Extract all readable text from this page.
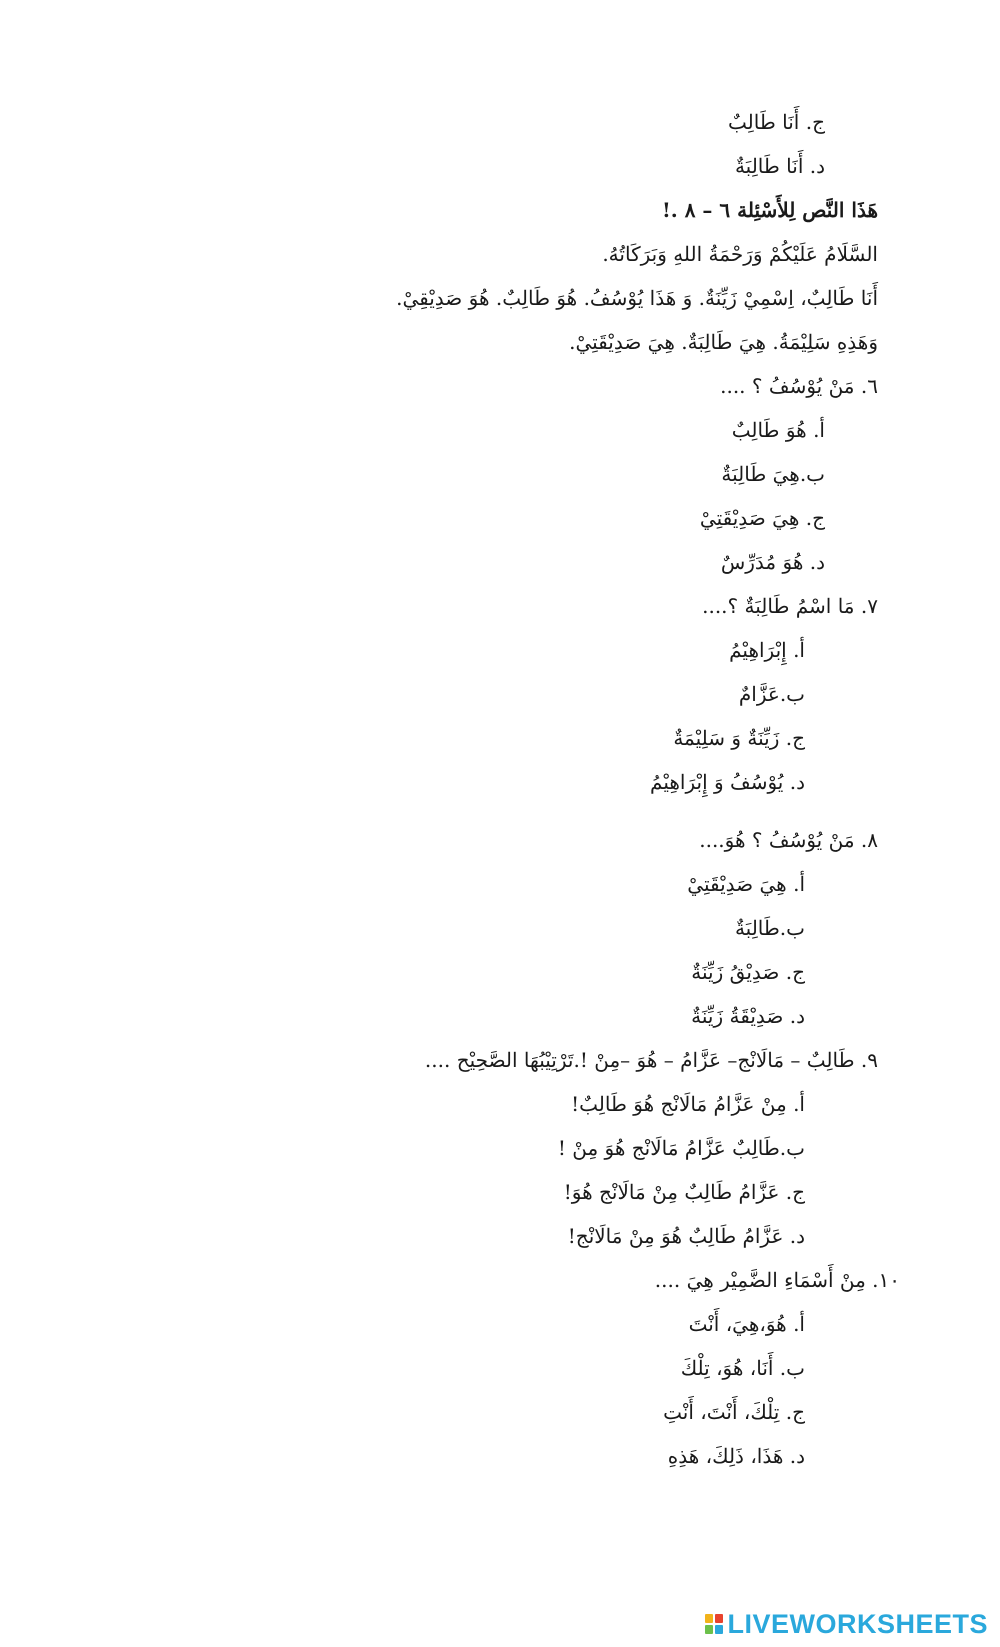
ج. أَنَا طَالِبٌ
د. أَنَا طَالِبَةٌ
هَذَا النَّص لِلأَسْئِلة ٦ – ٨ .!
السَّلَامُ عَلَيْكُمْ وَرَحْمَةُ اللهِ وَبَرَكَاتُهُ.
أَنَا طَالِبٌ، اِسْمِيْ زَيِّنَةٌ. وَ هَذَا يُوْسُفُ. هُوَ طَالِبٌ. هُوَ صَدِيْقِيْ.
وَهَذِهِ سَلِيْمَةُ. هِيَ طَالِبَةٌ. هِيَ صَدِيْقَتِيْ.
٦. مَنْ يُوْسُفُ ؟ ....
أ. هُوَ طَالِبٌ
ب.هِيَ طَالِبَةٌ
ج. هِيَ صَدِيْقَتِيْ
د. هُوَ مُدَرِّسٌ
٧. مَا اسْمُ طَالِبَةٌ ؟....
أ. إِبْرَاهِيْمُ
ب.عَزَّامٌ
ج. زَيِّنَةٌ وَ سَلِيْمَةٌ
د. يُوْسُفُ وَ إِبْرَاهِيْمُ
٨. مَنْ يُوْسُفُ ؟ هُوَ....
أ. هِيَ صَدِيْقَتِيْ
ب.طَالِبَةٌ
ج. صَدِيْقُ زَيِّنَةٌ
د. صَدِيْقَةُ زَيِّنَةٌ
٩. طَالِبٌ – مَالَانْج– عَزَّامُ – هُوَ –مِنْ !.تَرْتِيْبُهَا الصَّحِيْح ....
أ. مِنْ عَزَّامُ مَالَانْج هُوَ طَالِبٌ!
ب.طَالِبٌ عَزَّامُ مَالَانْج هُوَ مِنْ !
ج. عَزَّامُ طَالِبٌ مِنْ مَالَانْج هُوَ!
د. عَزَّامُ طَالِبٌ هُوَ مِنْ مَالَانْج!
١٠. مِنْ أَسْمَاءِ الضَّمِيْر هِيَ ....
أ. هُوَ،هِيَ، أَنْتَ
ب. أَنَا، هُوَ، تِلْكَ
ج. تِلْكَ، أَنْتَ، أَنْتِ
د. هَذَا، ذَلِكَ، هَذِهِ
LIVEWORKSHEETS
